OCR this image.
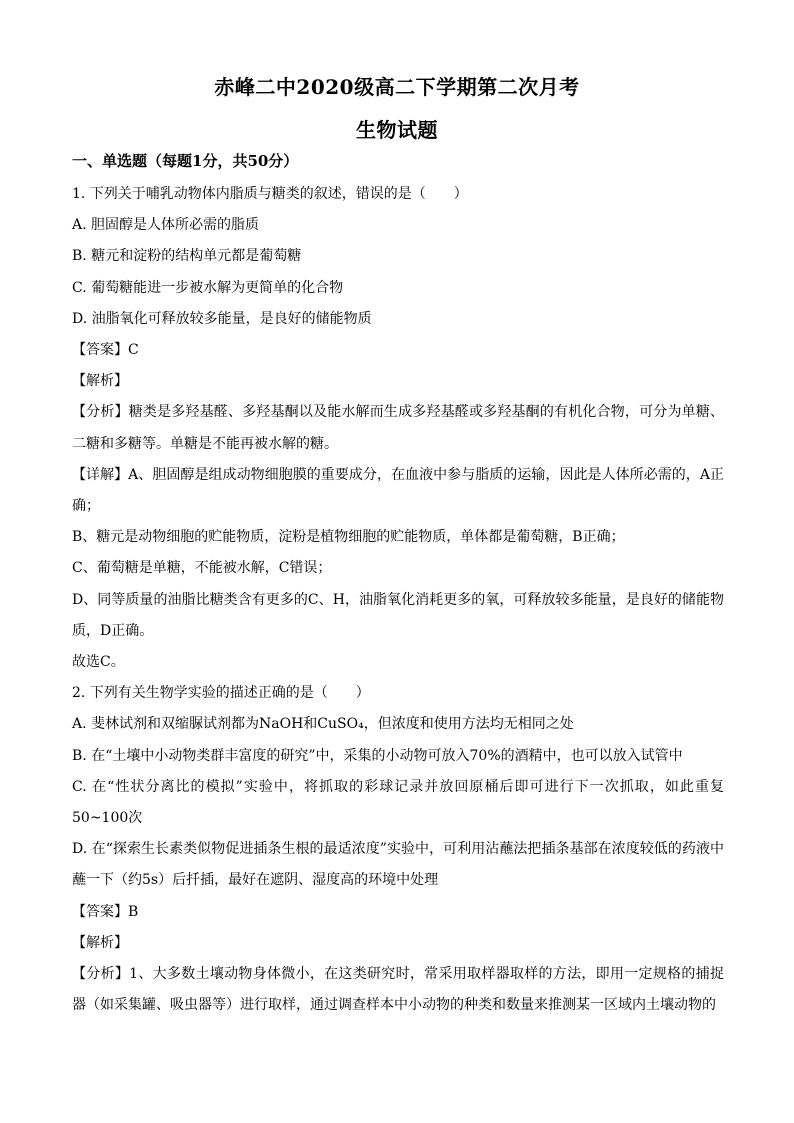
赤峰二中2020级高二下学期第二次月考
生物试题
一、单选题（每题1分，共50分）

1. 下列关于哺乳动物体内脂质与糖类的叙述，错误的是（　　）

A. 胆固醇是人体所必需的脂质

B. 糖元和淀粉的结构单元都是葡萄糖

C. 葡萄糖能进一步被水解为更简单的化合物

D. 油脂氧化可释放较多能量，是良好的储能物质

【答案】C

【解析】

【分析】糖类是多羟基醛、多羟基酮以及能水解而生成多羟基醛或多羟基酮的有机化合物，可分为单糖、二糖和多糖等。单糖是不能再被水解的糖。

【详解】A、胆固醇是组成动物细胞膜的重要成分，在血液中参与脂质的运输，因此是人体所必需的，A正确；

B、糖元是动物细胞的贮能物质，淀粉是植物细胞的贮能物质，单体都是葡萄糖，B正确；

C、葡萄糖是单糖，不能被水解，C错误；

D、同等质量的油脂比糖类含有更多的C、H，油脂氧化消耗更多的氧，可释放较多能量，是良好的储能物质，D正确。

故选C。

2. 下列有关生物学实验的描述正确的是（　　）

A. 斐林试剂和双缩脲试剂都为NaOH和CuSO₄，但浓度和使用方法均无相同之处

B. 在“土壤中小动物类群丰富度的研究”中，采集的小动物可放入70%的酒精中，也可以放入试管中

C. 在“性状分离比的模拟”实验中，将抓取的彩球记录并放回原桶后即可进行下一次抓取，如此重复50~100次

D. 在“探索生长素类似物促进插条生根的最适浓度”实验中，可利用沾蘸法把插条基部在浓度较低的药液中蘸一下（约5s）后扦插，最好在遮阴、湿度高的环境中处理

【答案】B

【解析】

【分析】1、大多数土壤动物身体微小，在这类研究时，常采用取样器取样的方法，即用一定规格的捕捉器（如采集罐、吸虫器等）进行取样，通过调查样本中小动物的种类和数量来推测某一区域内土壤动物的
